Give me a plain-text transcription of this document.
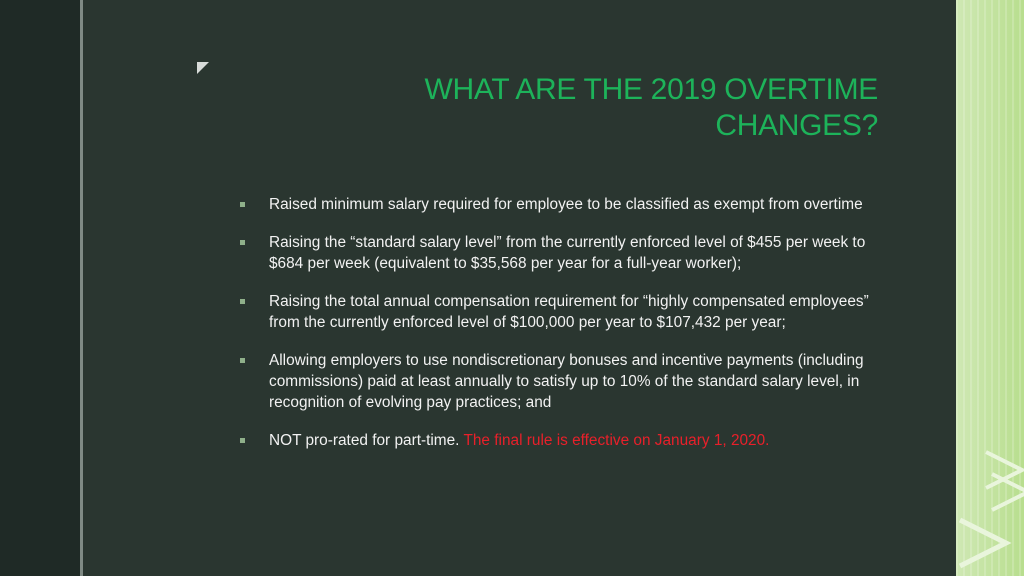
WHAT ARE THE 2019 OVERTIME
CHANGES?
Raised minimum salary required for employee to be classified as exempt from overtime
Raising the “standard salary level” from the currently enforced level of $455 per week to $684 per week (equivalent to $35,568 per year for a full-year worker);
Raising the total annual compensation requirement for “highly compensated employees” from the currently enforced level of $100,000 per year to $107,432 per year;
Allowing employers to use nondiscretionary bonuses and incentive payments (including commissions) paid at least annually to satisfy up to 10% of the standard salary level, in recognition of evolving pay practices; and
NOT pro-rated for part-time. The final rule is effective on January 1, 2020.
